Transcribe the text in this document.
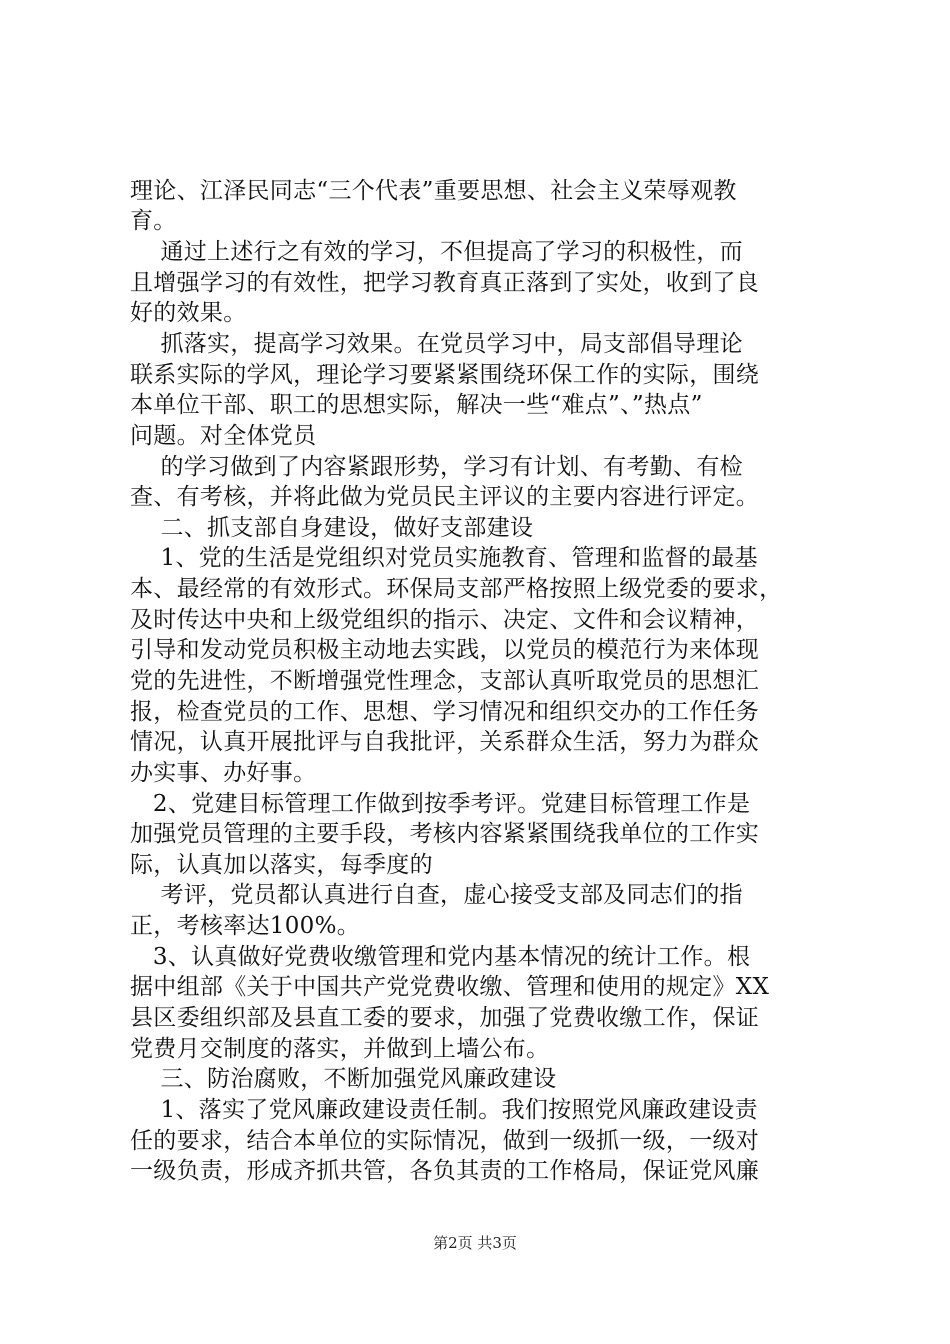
理论、江泽民同志“三个代表”重要思想、社会主义荣辱观教
育。
通过上述行之有效的学习，不但提高了学习的积极性，而
且增强学习的有效性，把学习教育真正落到了实处，收到了良
好的效果。
抓落实，提高学习效果。在党员学习中，局支部倡导理论
联系实际的学风，理论学习要紧紧围绕环保工作的实际，围绕
本单位干部、职工的思想实际，解决一些“难点”、”热点”
问题。对全体党员
的学习做到了内容紧跟形势，学习有计划、有考勤、有检
查、有考核，并将此做为党员民主评议的主要内容进行评定。
二、抓支部自身建设，做好支部建设
1、党的生活是党组织对党员实施教育、管理和监督的最基
本、最经常的有效形式。环保局支部严格按照上级党委的要求，
及时传达中央和上级党组织的指示、决定、文件和会议精神，
引导和发动党员积极主动地去实践，以党员的模范行为来体现
党的先进性，不断增强党性理念，支部认真听取党员的思想汇
报，检查党员的工作、思想、学习情况和组织交办的工作任务
情况，认真开展批评与自我批评，关系群众生活，努力为群众
办实事、办好事。
2、党建目标管理工作做到按季考评。党建目标管理工作是
加强党员管理的主要手段，考核内容紧紧围绕我单位的工作实
际，认真加以落实，每季度的
考评，党员都认真进行自查，虚心接受支部及同志们的指
正，考核率达100%。
3、认真做好党费收缴管理和党内基本情况的统计工作。根
据中组部《关于中国共产党党费收缴、管理和使用的规定》XX
县区委组织部及县直工委的要求，加强了党费收缴工作，保证
党费月交制度的落实，并做到上墙公布。
三、防治腐败，不断加强党风廉政建设
1、落实了党风廉政建设责任制。我们按照党风廉政建设责
任的要求，结合本单位的实际情况，做到一级抓一级，一级对
一级负责，形成齐抓共管，各负其责的工作格局，保证党风廉
第2页 共3页
